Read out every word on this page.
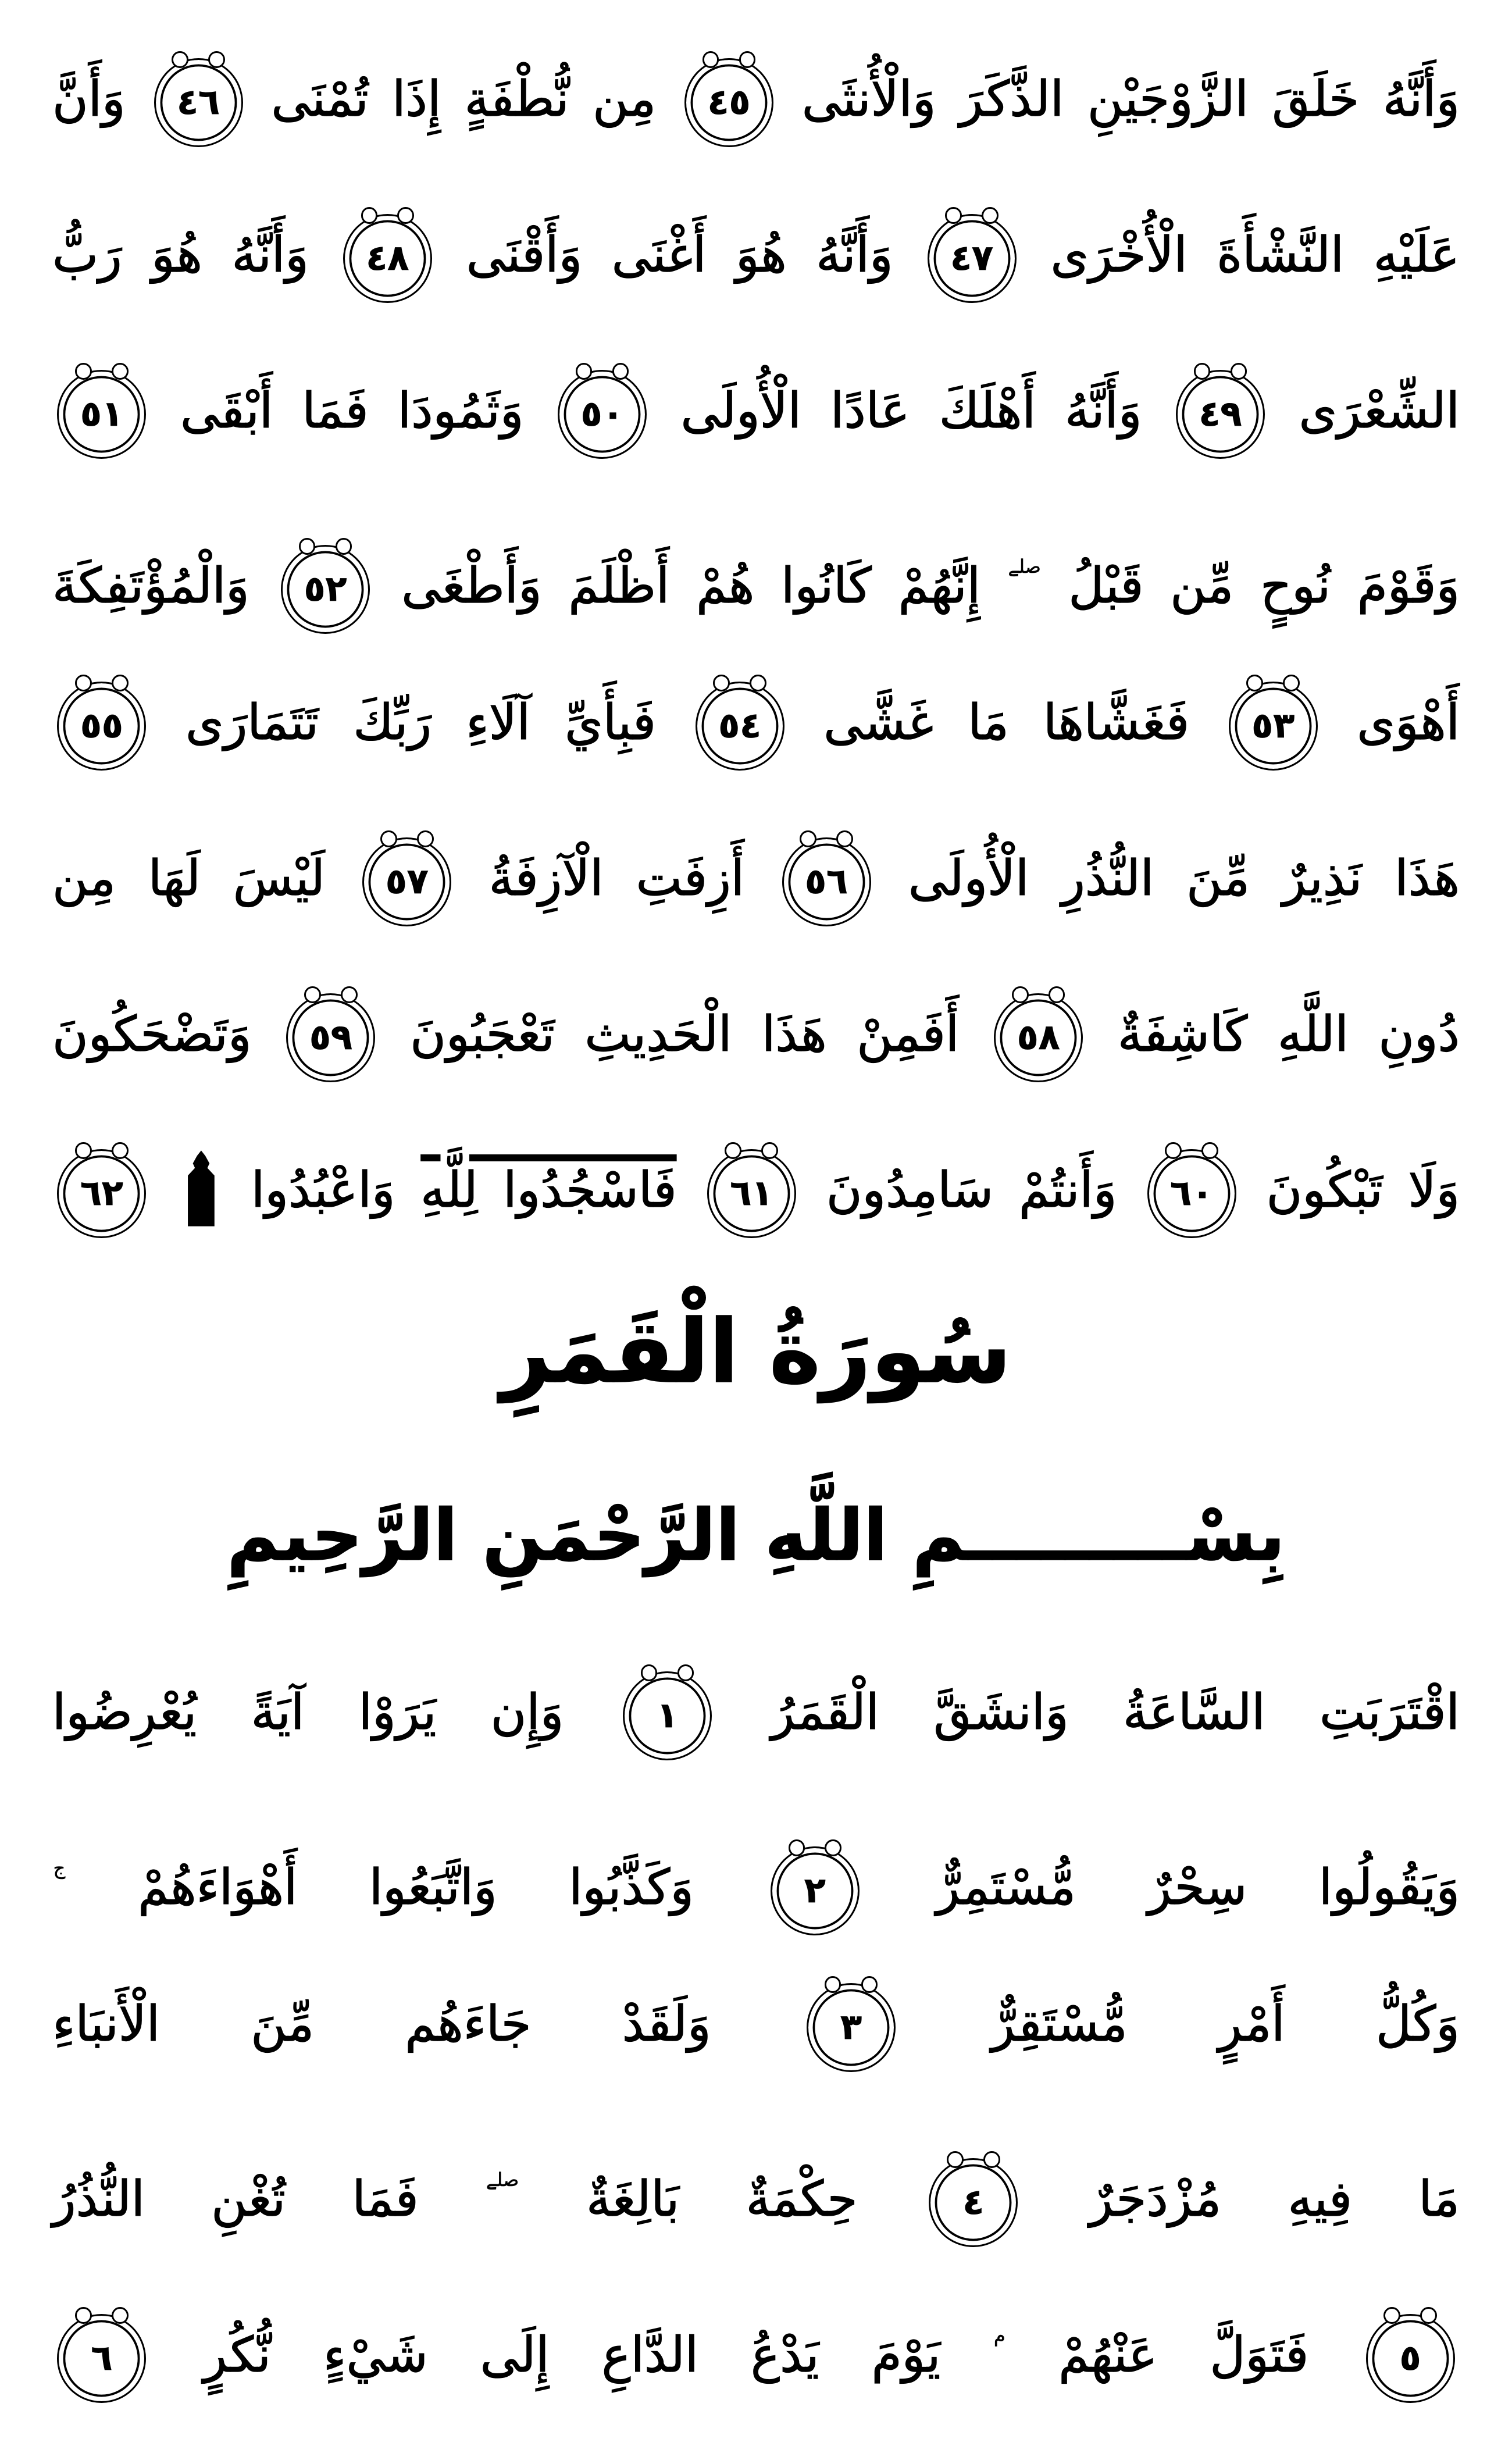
وَأَنَّهُ خَلَقَ الزَّوْجَيْنِ الذَّكَرَ وَالْأُنثَى
٤٥
مِن نُّطْفَةٍ إِذَا تُمْنَى
٤٦
وَأَنَّ
عَلَيْهِ النَّشْأَةَ الْأُخْرَى
٤٧
وَأَنَّهُ هُوَ أَغْنَى وَأَقْنَى
٤٨
وَأَنَّهُ هُوَ رَبُّ
الشِّعْرَى
٤٩
وَأَنَّهُ أَهْلَكَ عَادًا الْأُولَى
٥٠
وَثَمُودَا فَمَا أَبْقَى
٥١
وَقَوْمَ نُوحٍ مِّن قَبْلُ $^{صلے}$ إِنَّهُمْ كَانُوا هُمْ أَظْلَمَ وَأَطْغَى
٥٢
وَالْمُؤْتَفِكَةَ
أَهْوَى
٥٣
فَغَشَّاهَا مَا غَشَّى
٥٤
فَبِأَيِّ آلَاءِ رَبِّكَ تَتَمَارَى
٥٥
هَذَا نَذِيرٌ مِّنَ النُّذُرِ الْأُولَى
٥٦
أَزِفَتِ الْآزِفَةُ
٥٧
لَيْسَ لَهَا مِن
دُونِ اللَّهِ كَاشِفَةٌ
٥٨
أَفَمِنْ هَذَا الْحَدِيثِ تَعْجَبُونَ
٥٩
وَتَضْحَكُونَ
وَلَا تَبْكُونَ
٦٠
وَأَنتُمْ سَامِدُونَ
٦١
فَاسْجُدُوا لِلَّهِ وَاعْبُدُوا
٦٢
سُورَةُ الْقَمَرِ
بِسْـــــــــمِ اللَّهِ الرَّحْمَنِ الرَّحِيمِ
اقْتَرَبَتِ السَّاعَةُ وَانشَقَّ الْقَمَرُ
١
وَإِن يَرَوْا آيَةً يُعْرِضُوا
وَيَقُولُوا سِحْرٌ مُّسْتَمِرٌّ
٢
وَكَذَّبُوا وَاتَّبَعُوا أَهْوَاءَهُمْ $^ج$
وَكُلُّ أَمْرٍ مُّسْتَقِرٌّ
٣
وَلَقَدْ جَاءَهُم مِّنَ الْأَنبَاءِ
مَا فِيهِ مُزْدَجَرٌ
٤
حِكْمَةٌ بَالِغَةٌ $^{صلے}$ فَمَا تُغْنِ النُّذُرُ
٥
فَتَوَلَّ عَنْهُمْ $^م$ يَوْمَ يَدْعُ الدَّاعِ إِلَى شَيْءٍ نُّكُرٍ
٦
